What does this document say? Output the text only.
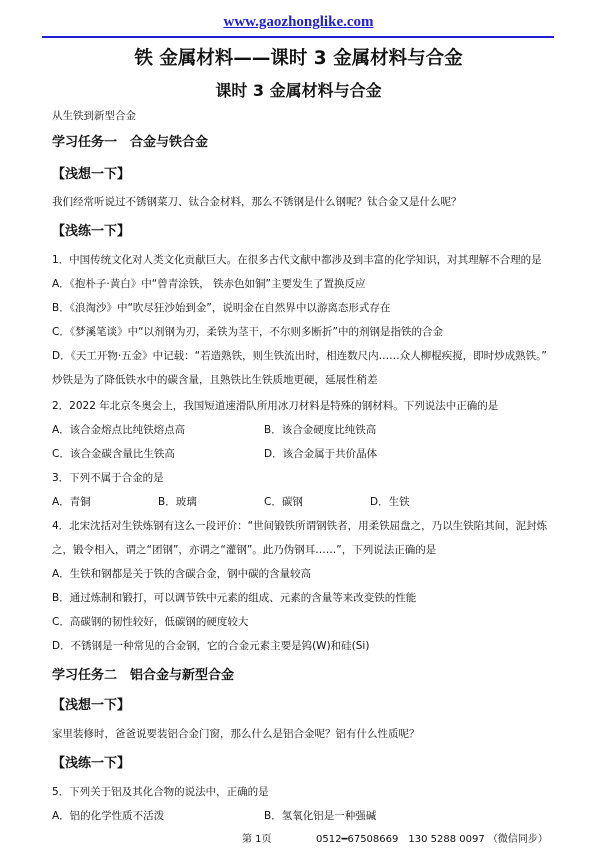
www.gaozhonglike.com
铁 金属材料——课时 3 金属材料与合金
课时 3 金属材料与合金
从生铁到新型合金
学习任务一　合金与铁合金
【浅想一下】
我们经常听说过不锈钢菜刀、钛合金材料，那么不锈钢是什么钢呢？钛合金又是什么呢？
【浅练一下】
1．中国传统文化对人类文化贡献巨大。在很多古代文献中都涉及到丰富的化学知识，对其理解不合理的是
A．《抱朴子·黄白》中“曾青涂铁， 铁赤色如铜”主要发生了置换反应
B．《浪淘沙》中“吹尽狂沙始到金”，说明金在自然界中以游离态形式存在
C．《梦溪笔谈》中“以剂钢为刃，柔铁为茎干，不尔则多断折”中的剂钢是指铁的合金
D．《天工开物·五金》中记载：“若造熟铁，则生铁流出时，相连数尺内……众人柳棍疾搅，即时炒成熟铁。”
炒铁是为了降低铁水中的碳含量，且熟铁比生铁质地更硬，延展性稍差
2．2022 年北京冬奥会上，我国短道速滑队所用冰刀材料是特殊的钢材料。下列说法中正确的是
A．该合金熔点比纯铁熔点高	B．该合金硬度比纯铁高
C．该合金碳含量比生铁高	D．该合金属于共价晶体
3．下列不属于合金的是
A．青铜	B．玻璃	C．碳钢	D．生铁
4．北宋沈括对生铁炼钢有这么一段评价：“世间锻铁所谓钢铁者，用柔铁屈盘之，乃以生铁陷其间，泥封炼
之，锻令相入，谓之“团钢”，亦谓之“灌钢”。此乃伪钢耳……”，下列说法正确的是
A．生铁和钢都是关于铁的含碳合金，钢中碳的含量较高
B．通过炼制和锻打，可以调节铁中元素的组成、元素的含量等来改变铁的性能
C．高碳钢的韧性较好，低碳钢的硬度较大
D．不锈钢是一种常见的合金钢，它的合金元素主要是钨(W)和硅(Si)
学习任务二　铝合金与新型合金
【浅想一下】
家里装修时，爸爸说要装铝合金门窗，那么什么是铝合金呢？铝有什么性质呢？
【浅练一下】
5．下列关于铝及其化合物的说法中，正确的是
A．铝的化学性质不活泼	B．氢氧化铝是一种强碱
第 1页	0512━67508669　130 5288 0097 （微信同步）
